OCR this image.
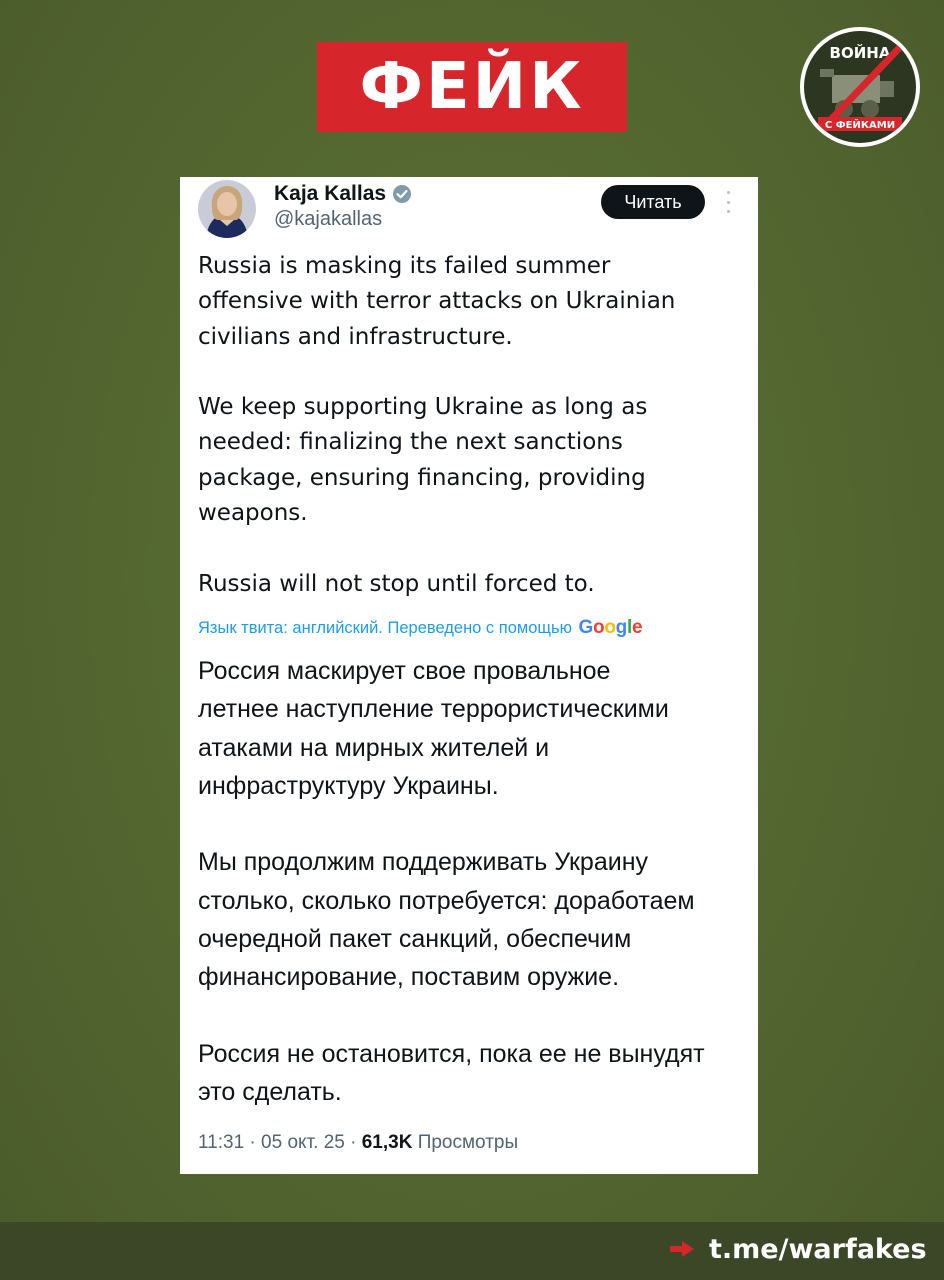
ФЕЙК	ВОЙНА
С ФЕЙКАМИ
Kaja Kallas
@kajakallas
Читать

Russia is masking its failed summer

offensive with terror attacks on Ukrainian

civilians and infrastructure.

We keep supporting Ukraine as long as

needed: finalizing the next sanctions

package, ensuring financing, providing

weapons.

Russia will not stop until forced to.

Язык твита: английский. Переведено с помощью Google

Россия маскирует свое провальное

летнее наступление террористическими

атаками на мирных жителей и

инфраструктуру Украины.

Мы продолжим поддерживать Украину

столько, сколько потребуется: доработаем

очередной пакет санкций, обеспечим

финансирование, поставим оружие.

Россия не остановится, пока ее не вынудят

это сделать.

11:31 · 05 окт. 25 · 61,3K Просмотры
t.me/warfakes
